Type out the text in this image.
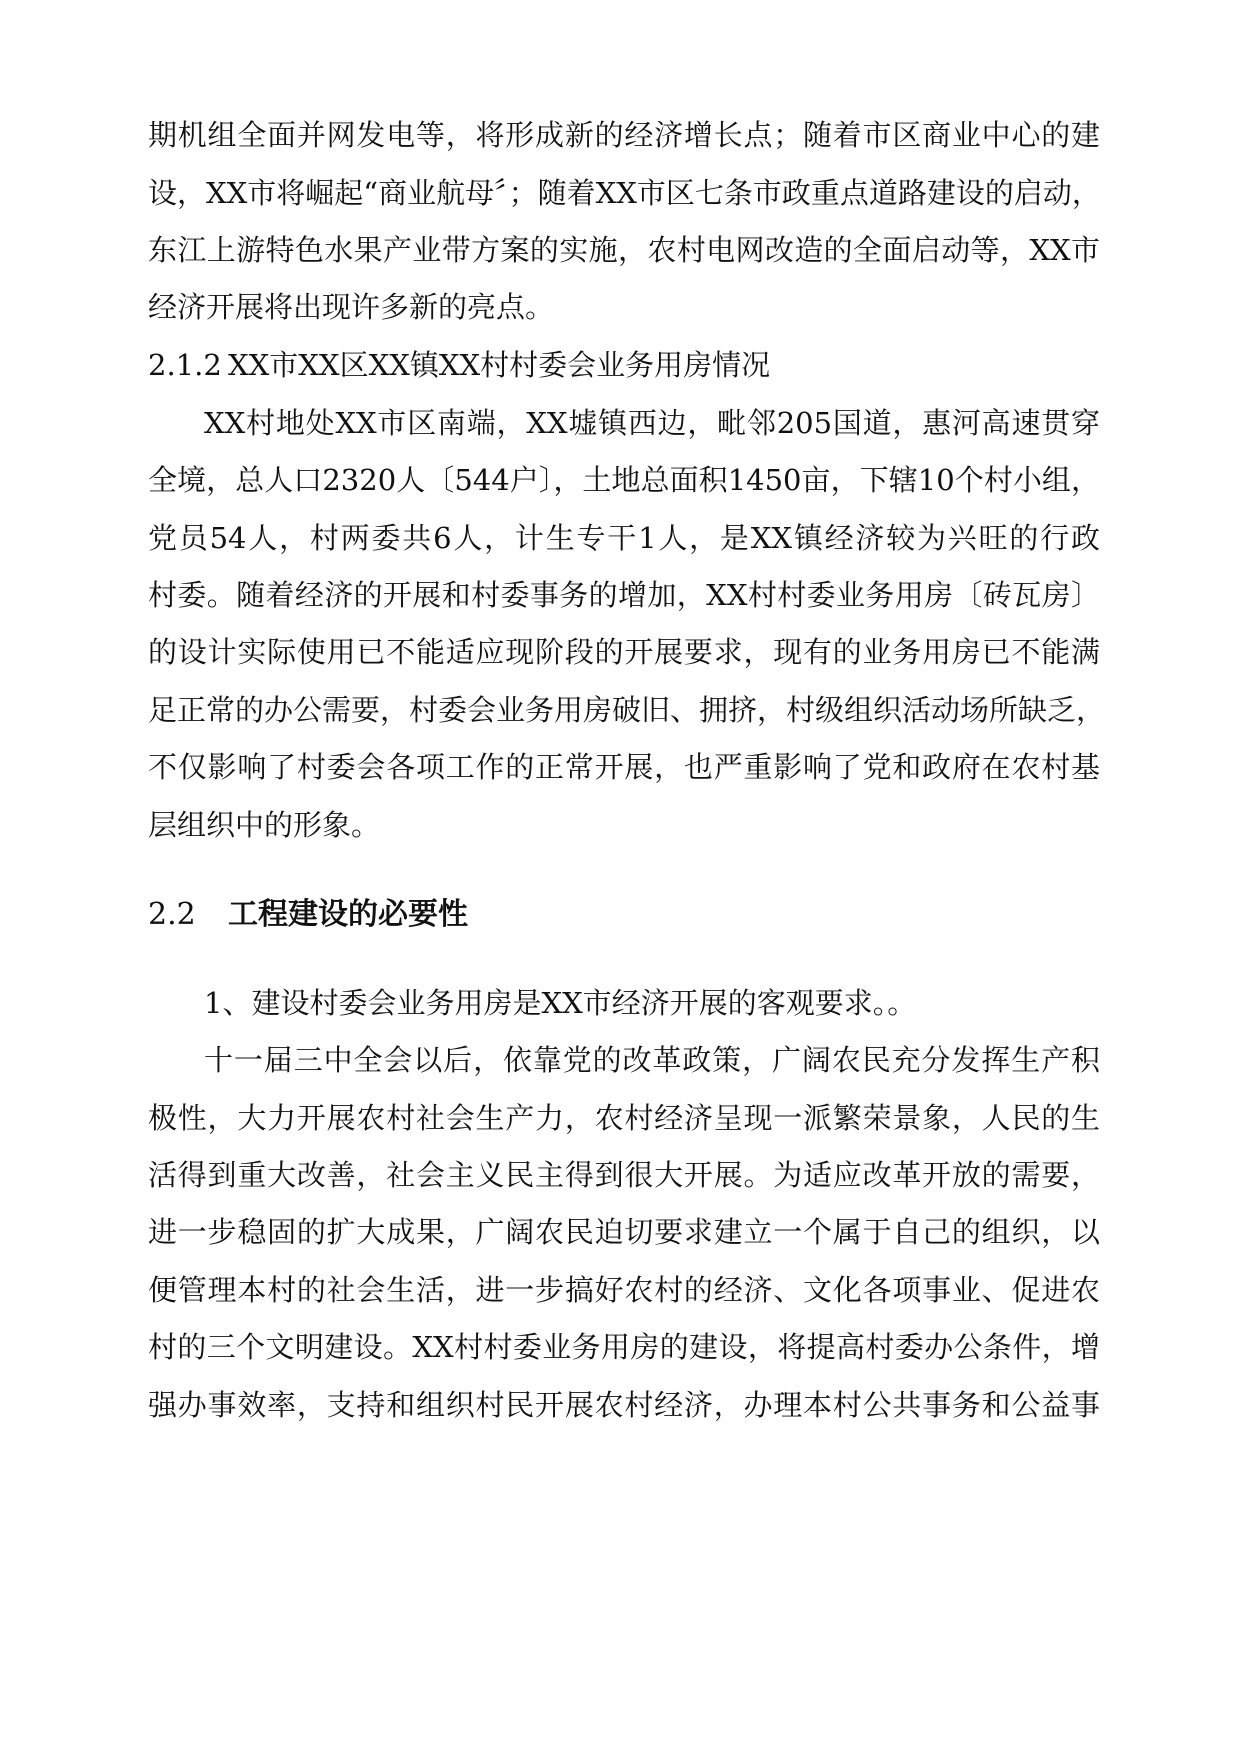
期机组全面并网发电等，将形成新的经济增长点；随着市区商业中心的建
设，XX市将崛起“商业航母〞；随着XX市区七条市政重点道路建设的启动，
东江上游特色水果产业带方案的实施，农村电网改造的全面启动等，XX市
经济开展将出现许多新的亮点。
2.1.2 XX市XX区XX镇XX村村委会业务用房情况
XX村地处XX市区南端，XX墟镇西边，毗邻205国道，惠河高速贯穿
全境，总人口2320人〔544户〕，土地总面积1450亩，下辖10个村小组，
党员54人，村两委共6人，计生专干1人，是XX镇经济较为兴旺的行政
村委。随着经济的开展和村委事务的增加，XX村村委业务用房〔砖瓦房〕
的设计实际使用已不能适应现阶段的开展要求，现有的业务用房已不能满
足正常的办公需要，村委会业务用房破旧、拥挤，村级组织活动场所缺乏，
不仅影响了村委会各项工作的正常开展，也严重影响了党和政府在农村基
层组织中的形象。
2.2 工程建设的必要性
1、建设村委会业务用房是XX市经济开展的客观要求。。
十一届三中全会以后，依靠党的改革政策，广阔农民充分发挥生产积
极性，大力开展农村社会生产力，农村经济呈现一派繁荣景象，人民的生
活得到重大改善，社会主义民主得到很大开展。为适应改革开放的需要，
进一步稳固的扩大成果，广阔农民迫切要求建立一个属于自己的组织，以
便管理本村的社会生活，进一步搞好农村的经济、文化各项事业、促进农
村的三个文明建设。XX村村委业务用房的建设，将提高村委办公条件，增
强办事效率，支持和组织村民开展农村经济，办理本村公共事务和公益事
